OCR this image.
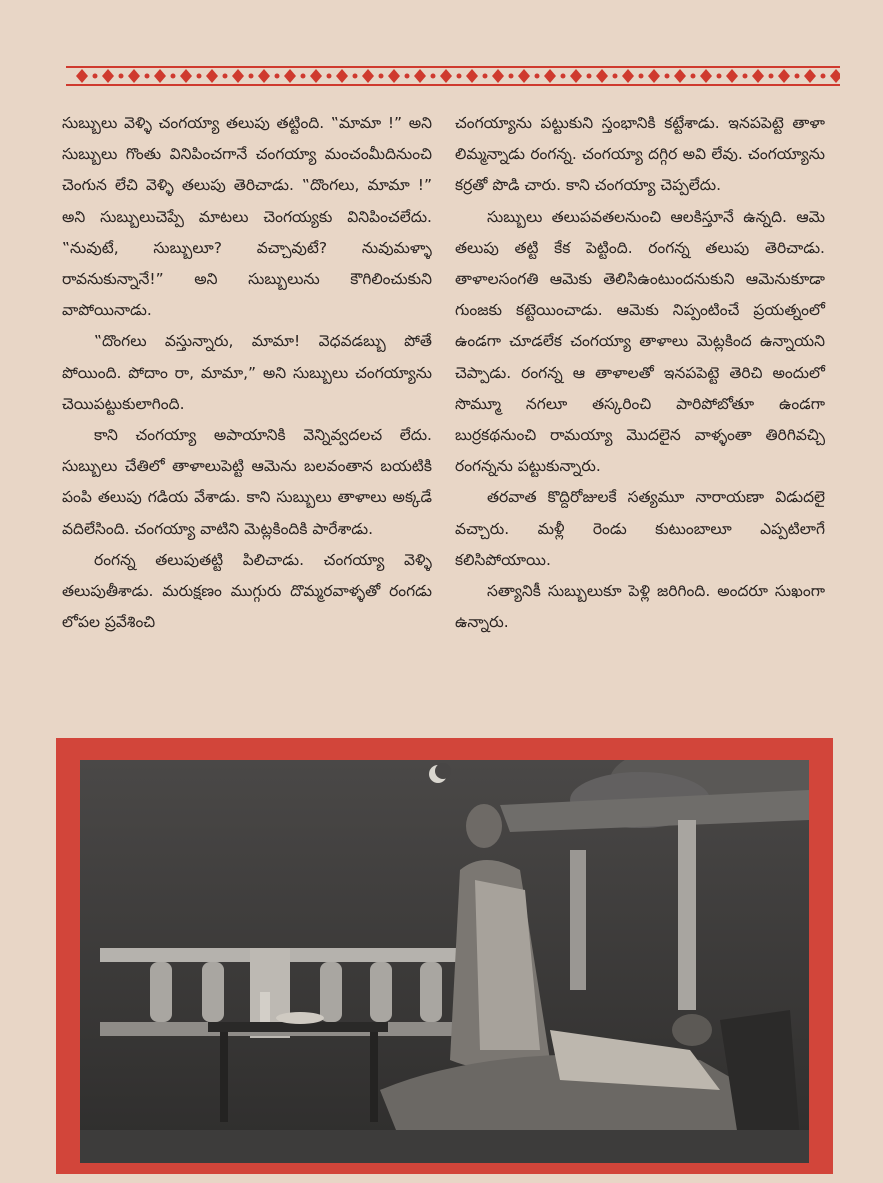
సుబ్బులు వెళ్ళి చంగయ్యా తలుపు తట్టింది. ‟మామా !” అని సుబ్బులు గొంతు వినిపించగానే చంగయ్యా మంచంమీదినుంచి చెంగున లేచి వెళ్ళి తలుపు తెరిచాడు. ‟దొంగలు, మామా !” అని సుబ్బులుచెప్పే మాటలు చెంగయ్యకు వినిపించలేదు. ‟నువుటే, సుబ్బులూ? వచ్చావుటే? నువుమళ్ళా రావనుకున్నానే!” అని సుబ్బులును కౌగిలించుకుని వాపోయినాడు.

‟దొంగలు వస్తున్నారు, మామా! వెధవడబ్బు పోతే పోయింది. పోదాం రా, మామా,” అని సుబ్బులు చంగయ్యాను చెయిపట్టుకులాగింది.

కాని చంగయ్యా అపాయానికి వెన్నివ్వదలచ లేదు. సుబ్బులు చేతిలో తాళాలుపెట్టి ఆమెను బలవంతాన బయటికి పంపి తలుపు గడియ వేశాడు. కాని సుబ్బులు తాళాలు అక్కడే వదిలేసింది. చంగయ్యా వాటిని మెట్లకిందికి పారేశాడు.

రంగన్న తలుపుతట్టి పిలిచాడు. చంగయ్యా వెళ్ళి తలుపుతీశాడు. మరుక్షణం ముగ్గురు దొమ్మరవాళ్ళతో రంగడు లోపల ప్రవేశించి

చంగయ్యాను పట్టుకుని స్తంభానికి కట్టేశాడు. ఇనపపెట్టె తాళా లిమ్మన్నాడు రంగన్న. చంగయ్యా దగ్గిర అవి లేవు. చంగయ్యాను కర్రతో పొడి చారు. కాని చంగయ్యా చెప్పలేదు.

సుబ్బులు తలుపవతలనుంచి ఆలకిస్తూనే ఉన్నది. ఆమె తలుపు తట్టి కేక పెట్టింది. రంగన్న తలుపు తెరిచాడు. తాళాలసంగతి ఆమెకు తెలిసిఉంటుందనుకుని ఆమెనుకూడా గుంజకు కట్టెయించాడు. ఆమెకు నిప్పంటించే ప్రయత్నంలో ఉండగా చూడలేక చంగయ్యా తాళాలు మెట్లకింద ఉన్నాయని చెప్పాడు. రంగన్న ఆ తాళాలతో ఇనపపెట్టె తెరిచి అందులో సొమ్మూ నగలూ తస్కరించి పారిపోబోతూ ఉండగా బుర్రకథనుంచి రామయ్యా మొదలైన వాళ్ళంతా తిరిగివచ్చి రంగన్నను పట్టుకున్నారు.

తరవాత కొద్దిరోజులకే సత్యమూ నారాయణా విడుదలై వచ్చారు. మళ్లీ రెండు కుటుంబాలూ ఎప్పటిలాగే కలిసిపోయాయి.

సత్యానికీ సుబ్బులుకూ పెళ్లి జరిగింది. అందరూ సుఖంగా ఉన్నారు.
